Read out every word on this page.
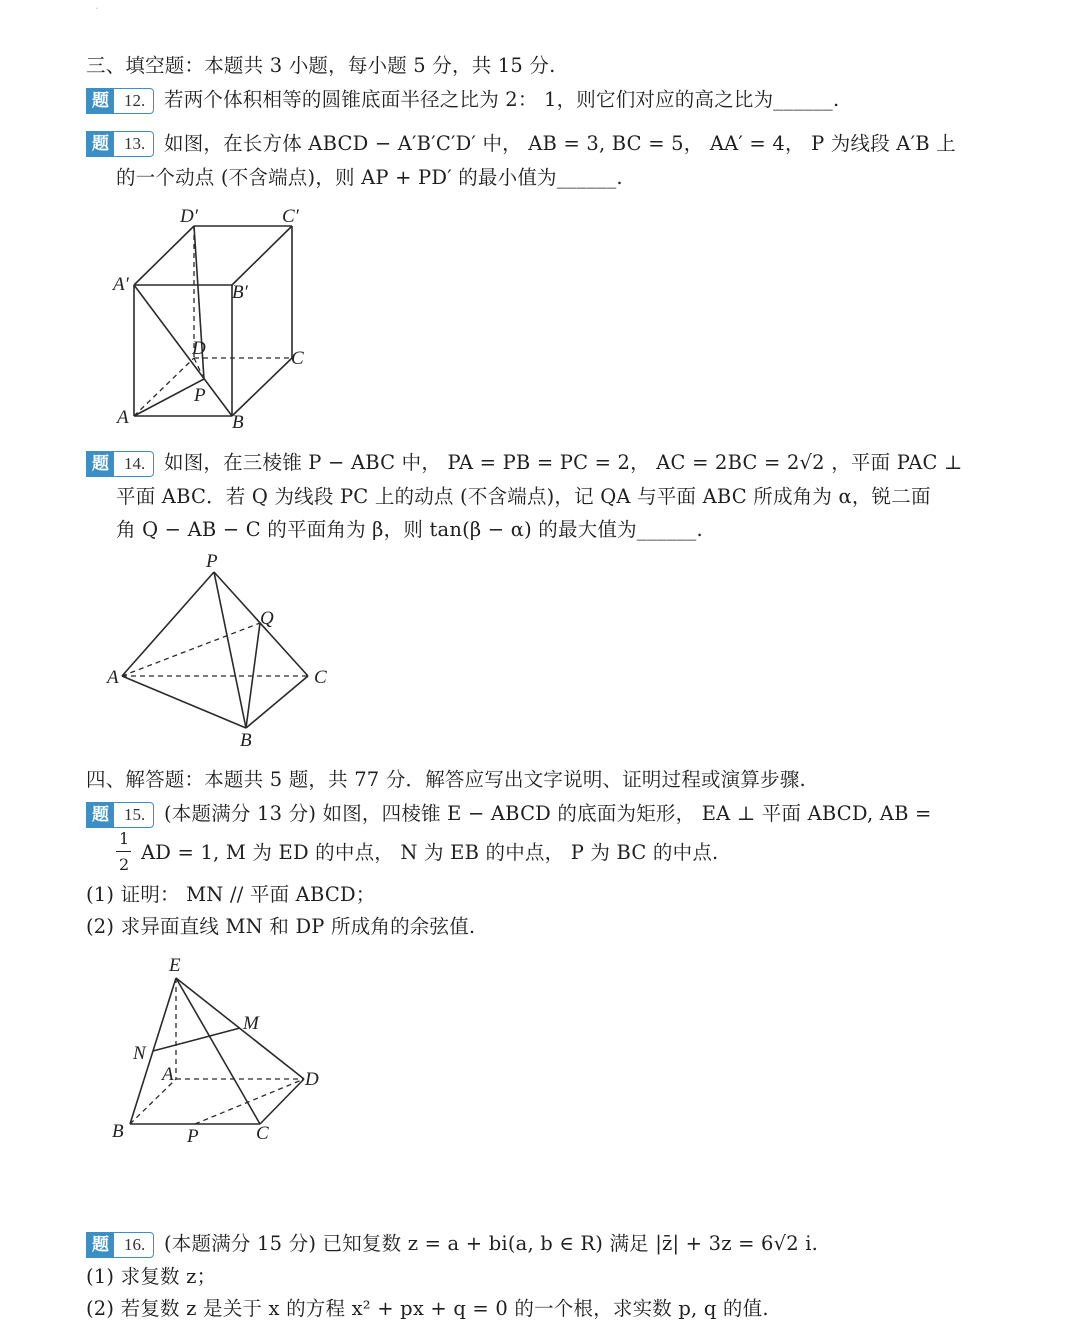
˙
三、填空题：本题共 3 小题，每小题 5 分，共 15 分.
题 12. 若两个体积相等的圆锥底面半径之比为 2： 1，则它们对应的高之比为______.
题 13. 如图，在长方体 ABCD − A′B′C′D′ 中， AB = 3, BC = 5， AA′ = 4， P 为线段 A′B 上
的一个动点 (不含端点)，则 AP + PD′ 的最小值为______.
D′	C′
A′	B′
D	C
A	B
P
题 14. 如图，在三棱锥 P − ABC 中， PA = PB = PC = 2， AC = 2BC = 2√2 ，平面 PAC ⊥
平面 ABC．若 Q 为线段 PC 上的动点 (不含端点)，记 QA 与平面 ABC 所成角为 α，锐二面
角 Q − AB − C 的平面角为 β，则 tan(β − α) 的最大值为______.
P
Q
A	C
B
四、解答题：本题共 5 题，共 77 分．解答应写出文字说明、证明过程或演算步骤.
题 15. (本题满分 13 分) 如图，四棱锥 E − ABCD 的底面为矩形， EA ⊥ 平面 ABCD, AB =
1
2
AD = 1, M 为 ED 的中点， N 为 EB 的中点， P 为 BC 的中点.
(1) 证明： MN // 平面 ABCD；
(2) 求异面直线 MN 和 DP 所成角的余弦值.
E
M
N
A	D
B	P	C
题 16. (本题满分 15 分) 已知复数 z = a + bi(a, b ∈ R) 满足 |z̄| + 3z = 6√2 i.
(1) 求复数 z；
(2) 若复数 z 是关于 x 的方程 x² + px + q = 0 的一个根，求实数 p, q 的值.
